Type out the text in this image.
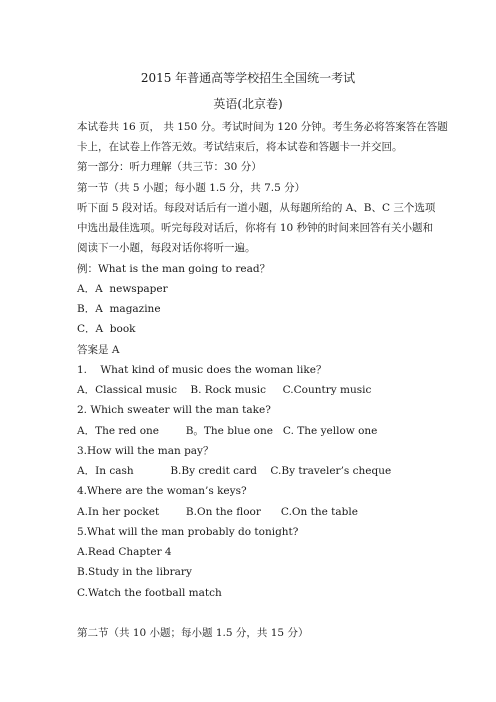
2015 年普通高等学校招生全国统一考试
英语(北京卷)
本试卷共 16 页， 共 150 分。考试时间为 120 分钟。考生务必将答案答在答题
卡上，在试卷上作答无效。考试结束后，将本试卷和答题卡一并交回。
第一部分：听力理解（共三节：30 分）
第一节（共 5 小题；每小题 1.5 分，共 7.5 分）
听下面 5 段对话。每段对话后有一道小题，从每题所给的 A、B、C 三个选项
中选出最佳选项。听完每段对话后，你将有 10 秒钟的时间来回答有关小题和
阅读下一小题，每段对话你将听一遍。
例：What is the man going to read？
A．A  newspaper
B．A  magazine
C．A  book
答案是 A
1.    What kind of music does the woman like？
A．Classical music    B. Rock music     C.Country music
2. Which sweater will the man take?
A．The red one        B。The blue one   C. The yellow one
3.How will the man pay？
A．In cash           B.By credit card    C.By traveler’s cheque
4.Where are the woman’s keys?
A.In her pocket        B.On the floor      C.On the table
5.What will the man probably do tonight?
A.Read Chapter 4
B.Study in the library
C.Watch the football match
第二节（共 10 小题；每小题 1.5 分，共 15 分）
